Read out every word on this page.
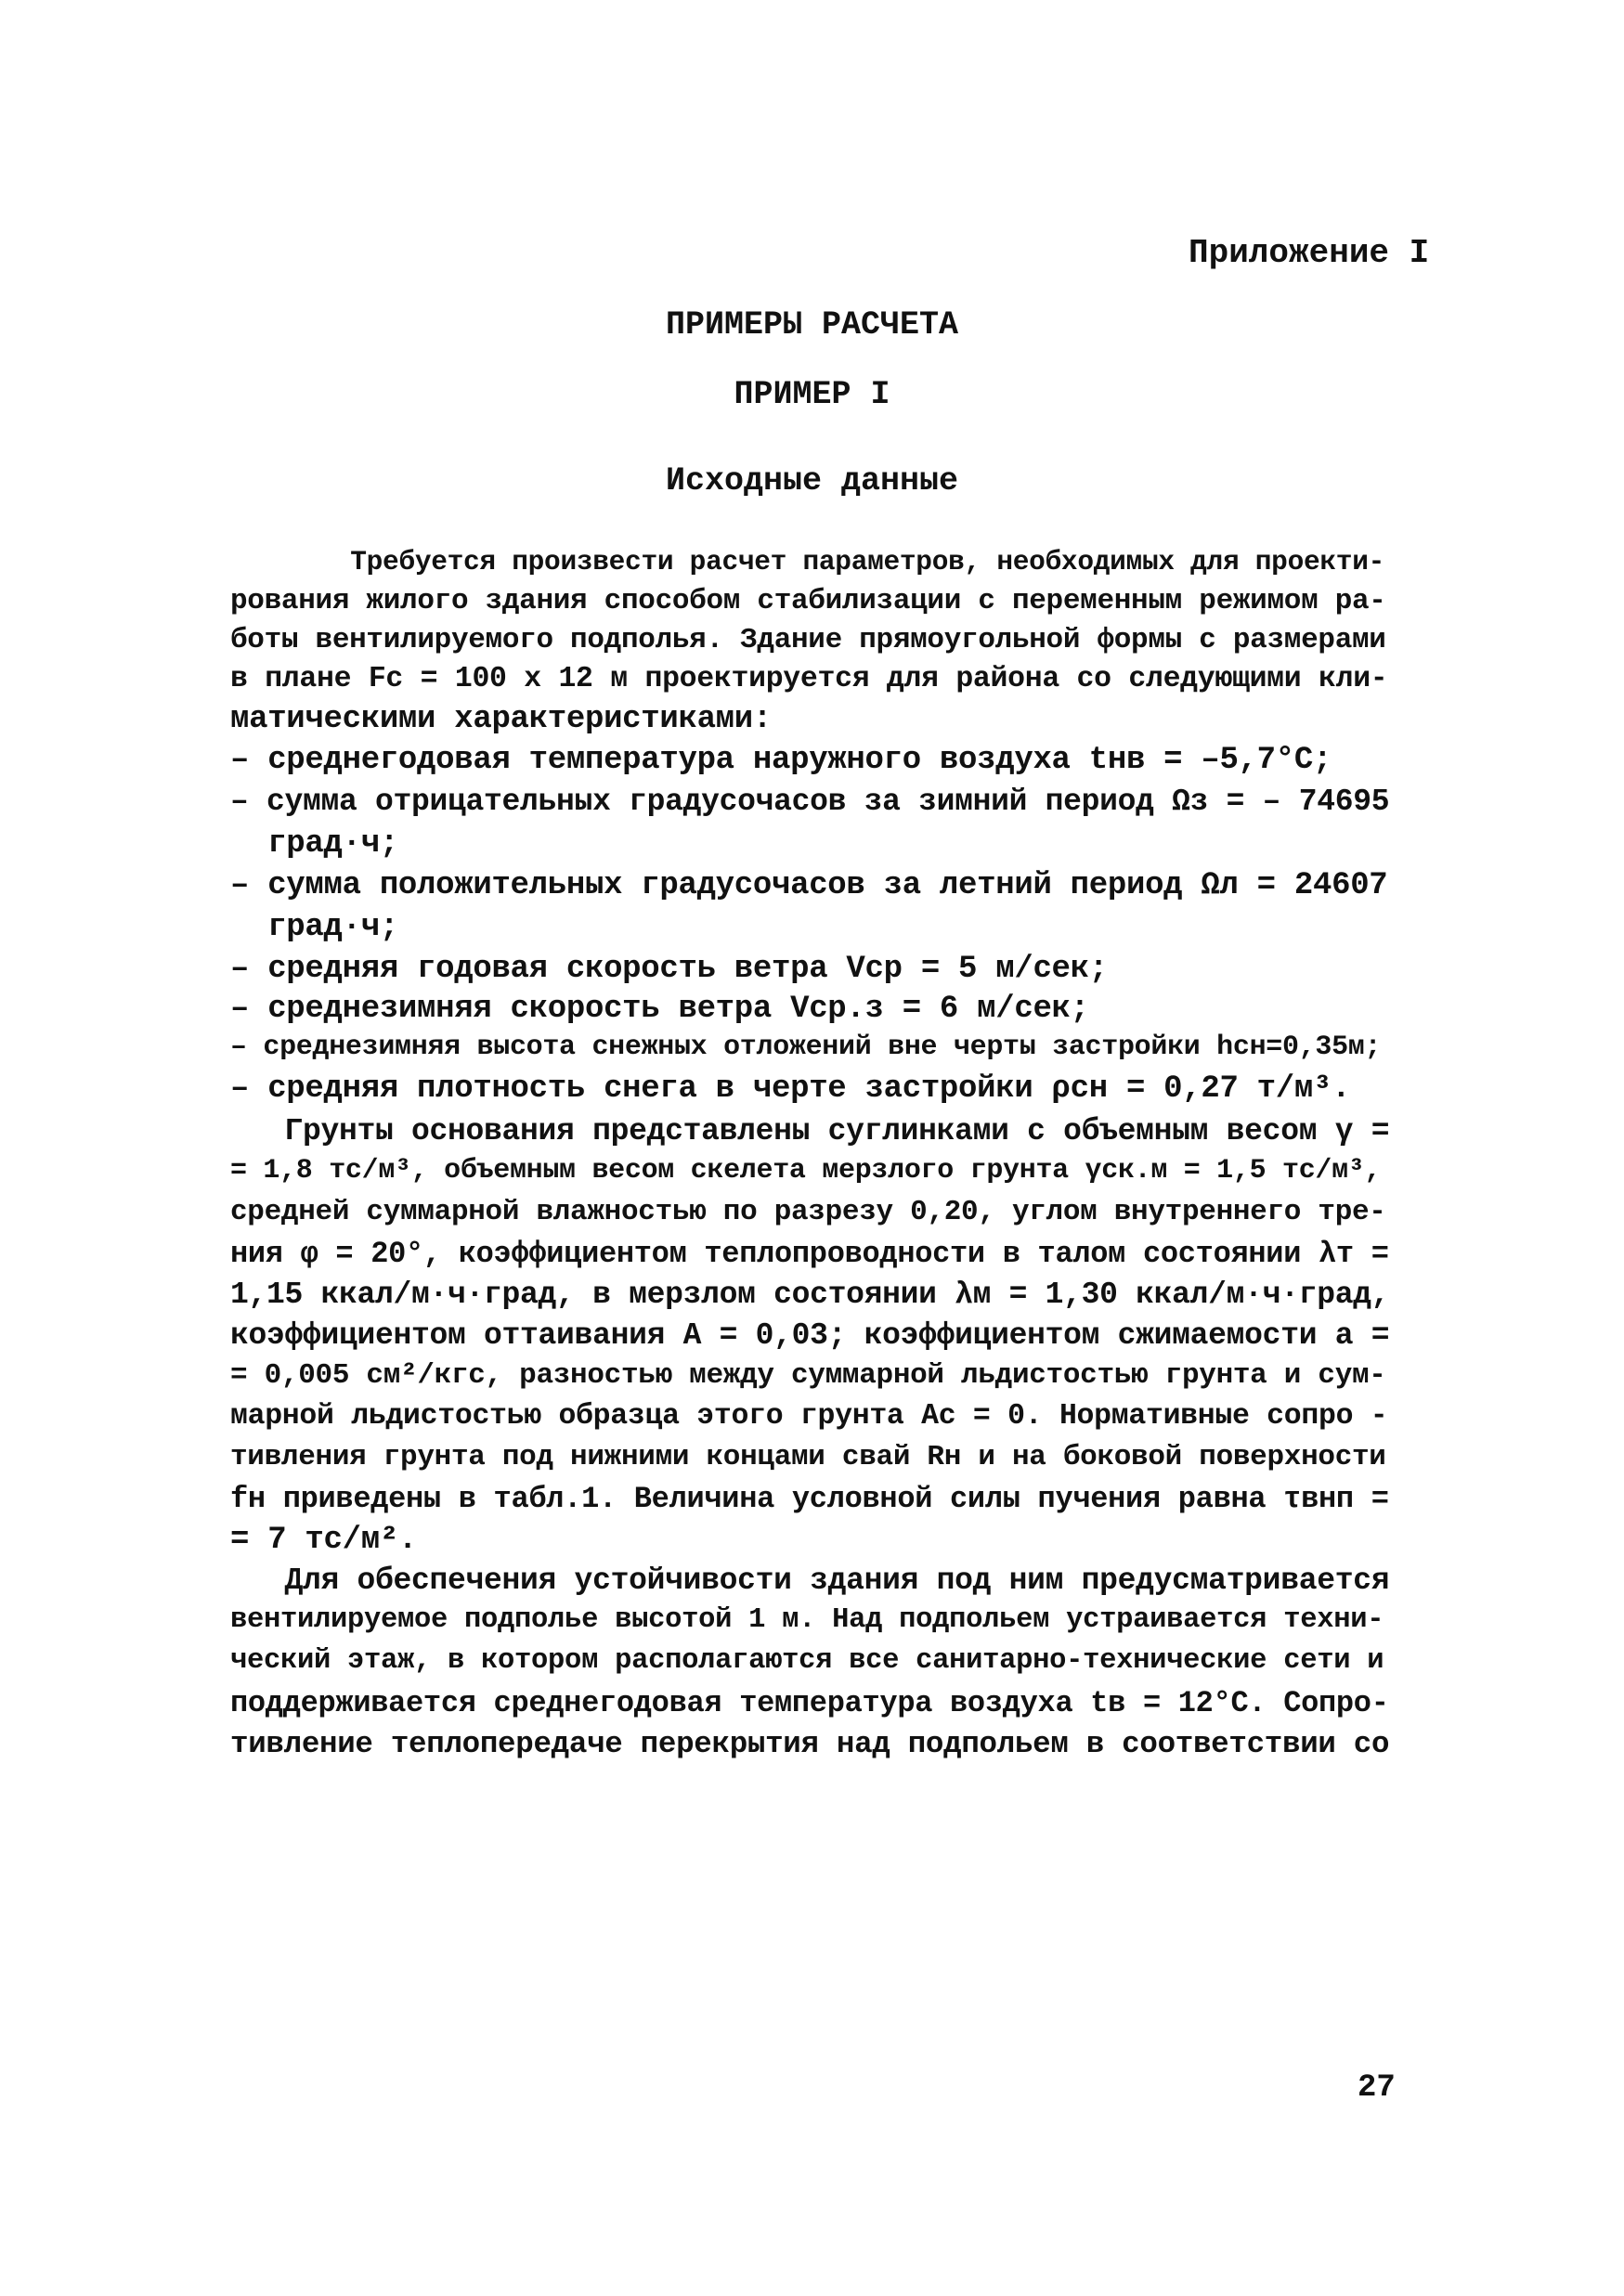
Приложение I
ПРИМЕРЫ РАСЧЕТА
ПРИМЕР I
Исходные данные
Требуется произвести расчет параметров, необходимых для проекти-
рования жилого здания способом стабилизации с переменным режимом ра-
боты вентилируемого подполья. Здание прямоугольной формы с размерами
в плане Fс = 100 х 12 м проектируется для района со следующими кли-
матическими характеристиками:
– среднегодовая температура наружного воздуха tнв = –5,7°С;
– сумма отрицательных градусочасов за зимний период Ωз = – 74695
град·ч;
– сумма положительных градусочасов за летний период Ωл = 24607
град·ч;
– средняя годовая скорость ветра Vср = 5 м/сек;
– среднезимняя скорость ветра Vср.з = 6 м/сек;
– среднезимняя высота снежных отложений вне черты застройки hсн=0,35м;
– средняя плотность снега в черте застройки ρсн = 0,27 т/м³.
Грунты основания представлены суглинками с объемным весом γ =
= 1,8 тс/м³, объемным весом скелета мерзлого грунта γск.м = 1,5 тс/м³,
средней суммарной влажностью по разрезу 0,20, углом внутреннего тре-
ния φ = 20°, коэффициентом теплопроводности в талом состоянии λт =
1,15 ккал/м·ч·град, в мерзлом состоянии λм = 1,30 ккал/м·ч·град,
коэффициентом оттаивания А = 0,03; коэффициентом сжимаемости а =
= 0,005 см²/кгс, разностью между суммарной льдистостью грунта и сум-
марной льдистостью образца этого грунта Ас = 0. Нормативные сопро -
тивления грунта под нижними концами свай Rн и на боковой поверхности
fн приведены в табл.1. Величина условной силы пучения равна τвнп =
= 7 тс/м².
Для обеспечения устойчивости здания под ним предусматривается
вентилируемое подполье высотой 1 м. Над подпольем устраивается техни-
ческий этаж, в котором располагаются все санитарно-технические сети и
поддерживается среднегодовая температура воздуха tв = 12°С. Сопро-
тивление теплопередаче перекрытия над подпольем в соответствии со
27
